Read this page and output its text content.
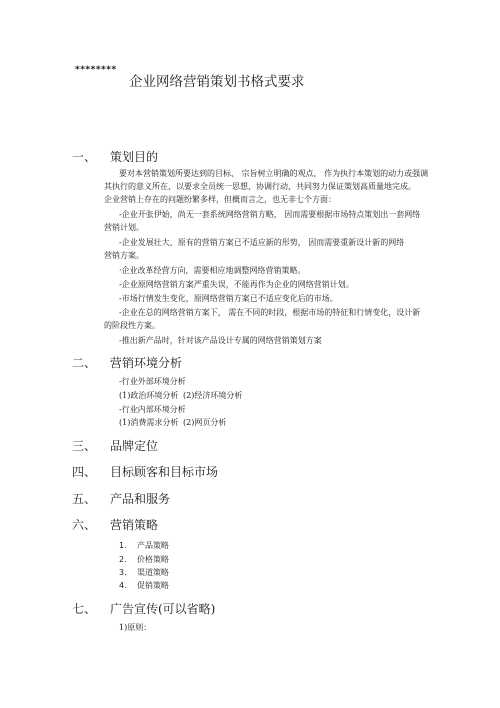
********
企业网络营销策划书格式要求
一、 策划目的
要对本营销策划所要达到的目标、 宗旨树立明确的观点， 作为执行本策划的动力或强调
其执行的意义所在，以要求全员统一思想，协调行动，共同努力保证策划高质量地完成。
企业营销上存在的问题纷繁多样，但概而言之，也无非七个方面：
-企业开张伊始，尚无一套系统网络营销方略， 因而需要根据市场特点策划出一套网络
营销计划。
-企业发展壮大，原有的营销方案已不适应新的形势， 因而需要重新设计新的网络
营销方案。
·企业改革经营方向，需要相应地调整网络营销策略。
-企业原网络营销方案严重失误，不能再作为企业的网络营销计划。
-市场行情发生变化，原网络营销方案已不适应变化后的市场。
-企业在总的网络营销方案下， 需在不同的时段，根据市场的特征和行情变化，设计新
的阶段性方案。
-推出新产品时，针对该产品设计专属的网络营销策划方案
二、 营销环境分析
-行业外部环境分析
(1)政治环境分析 (2)经济环境分析
-行业内部环境分析
(1)消费需求分析 (2)网页分析
三、 品牌定位
四、 目标顾客和目标市场
五、 产品和服务
六、 营销策略
1. 产品策略
2. 价格策略
3. 渠道策略
4. 促销策略
七、 广告宣传(可以省略)
1)原则：
